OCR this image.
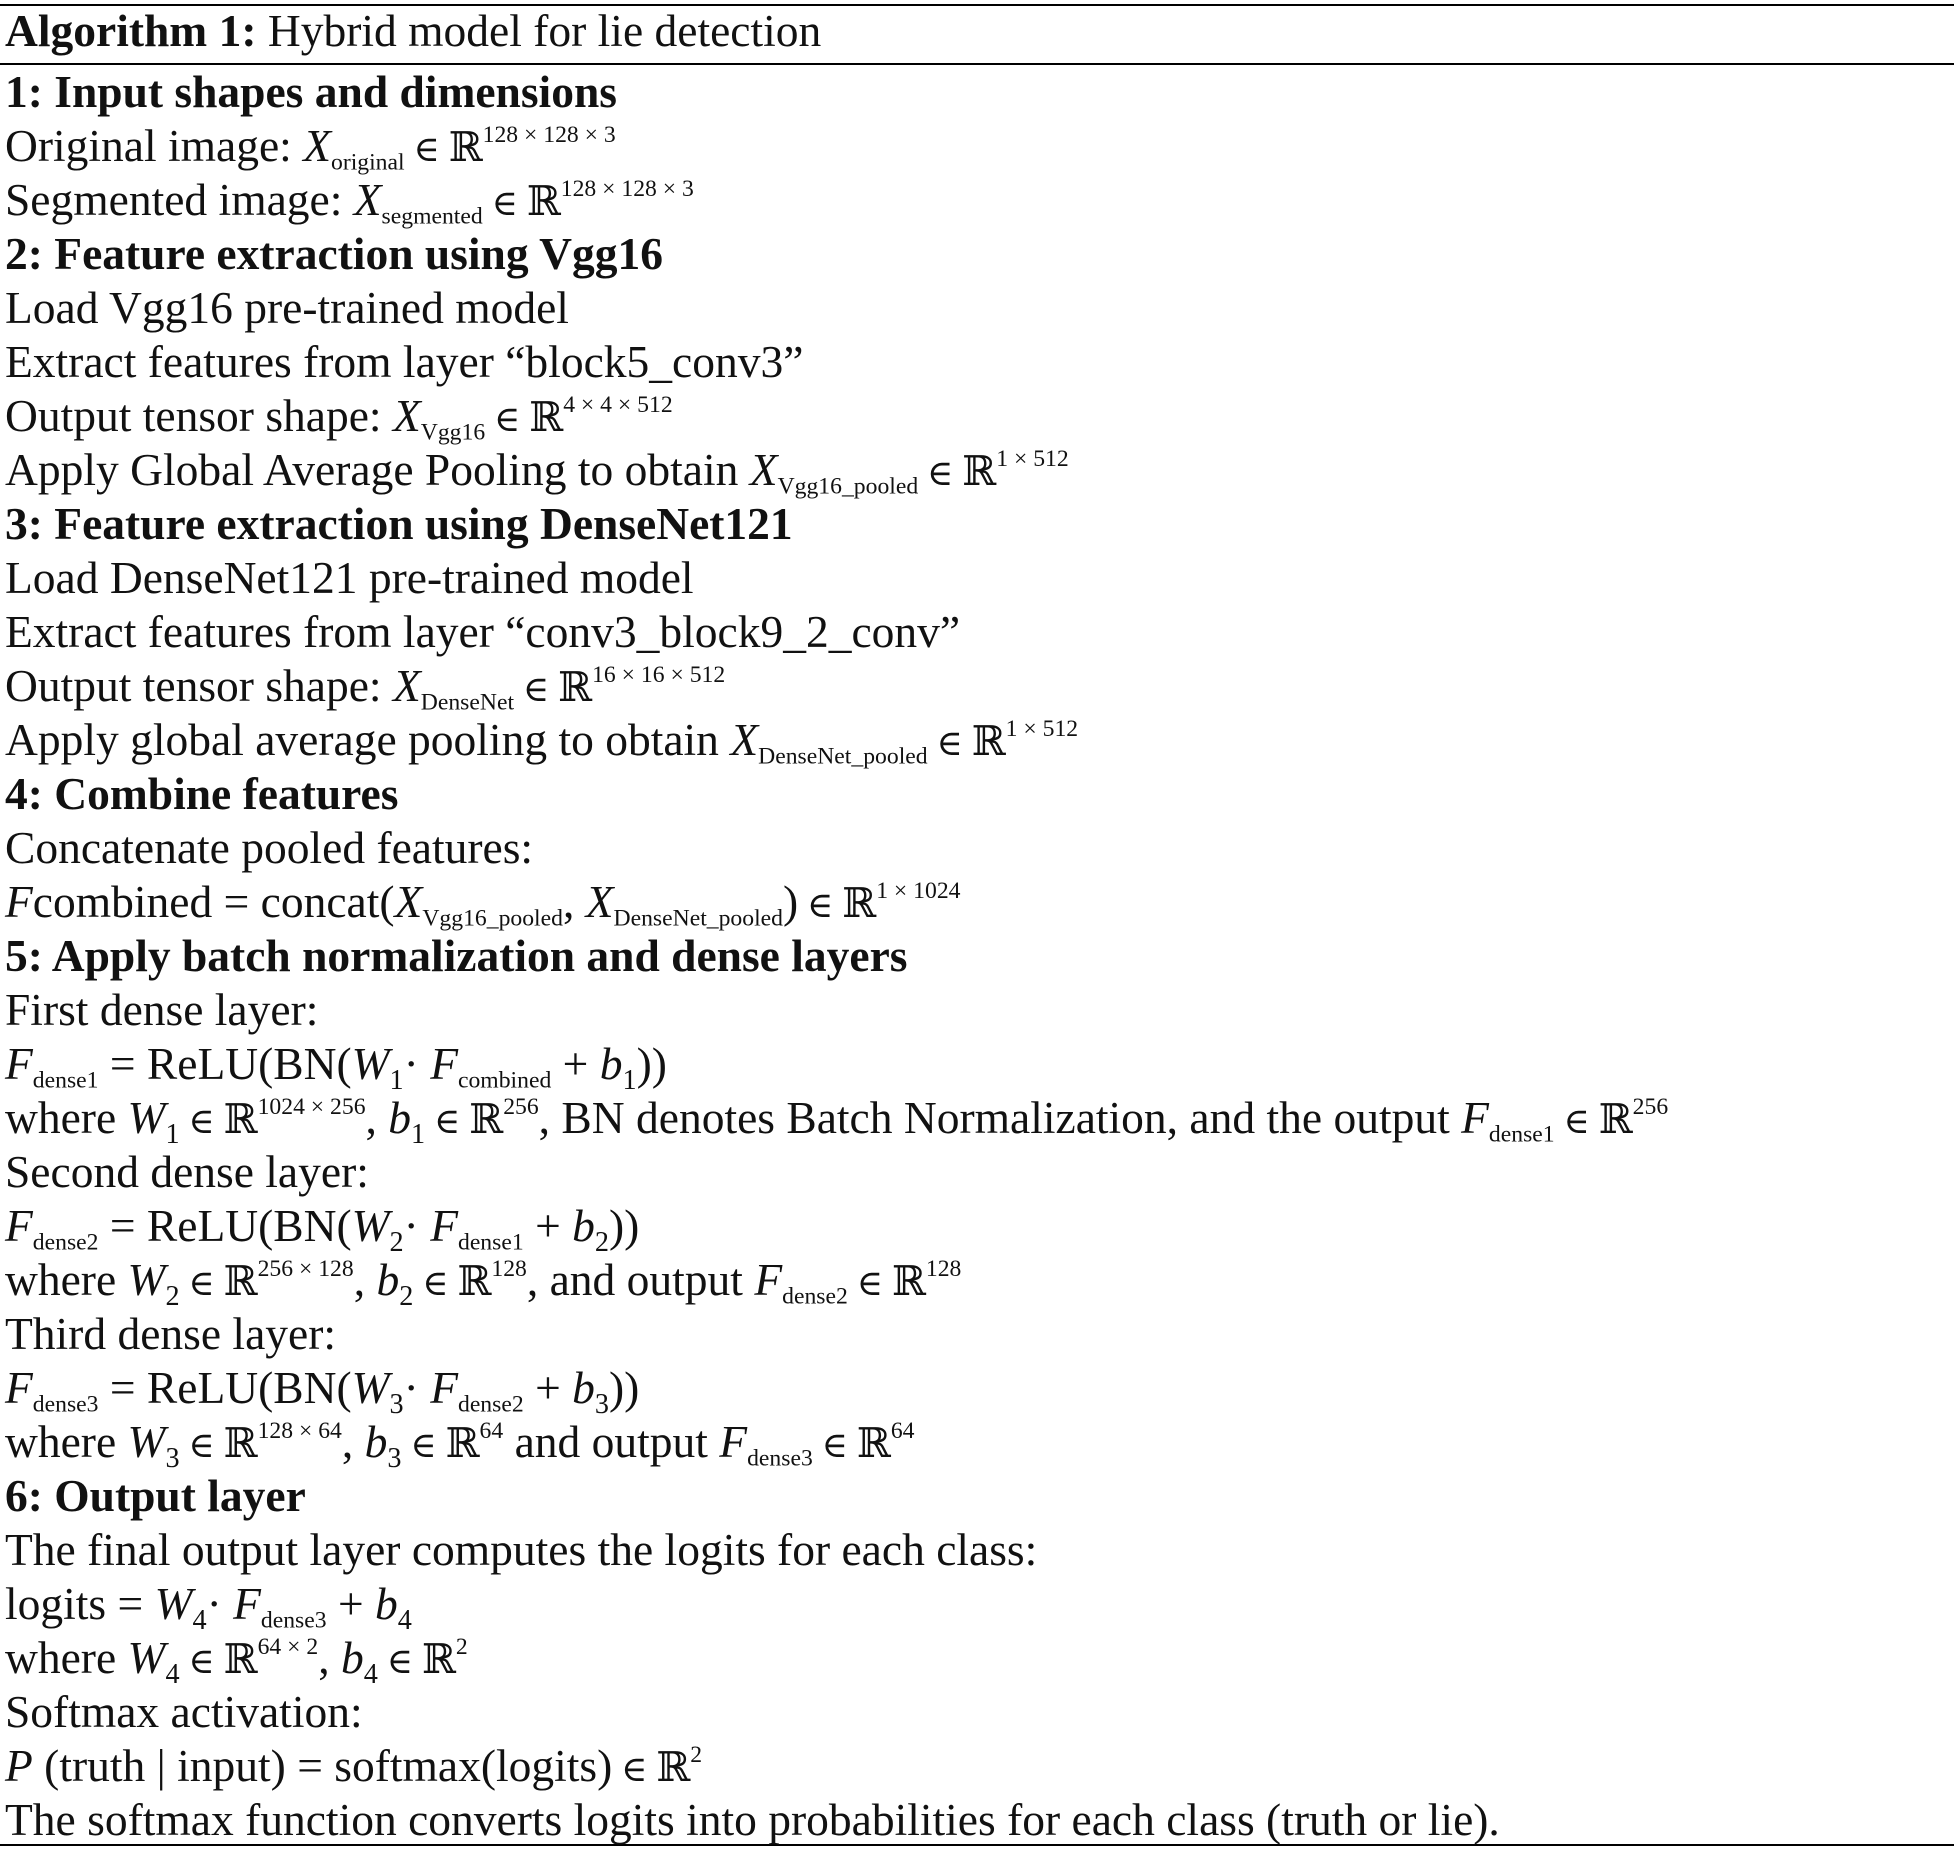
Algorithm 1: Hybrid model for lie detection
1: Input shapes and dimensions
Original image: $X_{original}$ ∈ ℝ$^{128 \times 128 \times 3}$
Segmented image: $X_{segmented}$ ∈ ℝ$^{128 \times 128 \times 3}$
2: Feature extraction using Vgg16
Load Vgg16 pre-trained model
Extract features from layer “block5_conv3”
Output tensor shape: $X_{Vgg16}$ ∈ ℝ$^{4 \times 4 \times 512}$
Apply Global Average Pooling to obtain $X_{Vgg16\_pooled}$ ∈ ℝ$^{1 \times 512}$
3: Feature extraction using DenseNet121
Load DenseNet121 pre-trained model
Extract features from layer “conv3_block9_2_conv”
Output tensor shape: $X_{DenseNet}$ ∈ ℝ$^{16 \times 16 \times 512}$
Apply global average pooling to obtain $X_{DenseNet\_pooled}$ ∈ ℝ$^{1 \times 512}$
4: Combine features
Concatenate pooled features:
Fcombined = $concat(X_{Vgg16\_pooled}$, $X_{DenseNet\_pooled}$) ∈ ℝ$^{1 \times 1024}$
5: Apply batch normalization and dense layers
First dense layer:
$F_{dense1}$ = $ReLU(BN(W_1\cdot F_{combined} + b_1))$
where $W_1$ ∈ ℝ$^{1024 \times 256}$, $b_1$ ∈ ℝ$^{256}$, BN denotes Batch Normalization, and the output $F_{dense1}$ ∈ ℝ$^{256}$
Second dense layer:
$F_{dense2}$ = $ReLU(BN(W_2\cdot F_{dense1} + b_2))$
where $W_2$ ∈ ℝ$^{256 \times 128}$, $b_2$ ∈ ℝ$^{128}$, and output $F_{dense2}$ ∈ ℝ$^{128}$
Third dense layer:
$F_{dense3}$ = $ReLU(BN(W_3\cdot F_{dense2} + b_3))$
where $W_3$ ∈ ℝ$^{128 \times 64}$, $b_3$ ∈ ℝ$^{64}$ and output $F_{dense3}$ ∈ ℝ$^{64}$
6: Output layer
The final output layer computes the logits for each class:
logits = $W_4\cdot F_{dense3} + b_4$
where $W_4$ ∈ ℝ$^{64 \times 2}$, $b_4$ ∈ ℝ$^2$
Softmax activation:
P (truth | input) = softmax(logits) ∈ ℝ$^2$
The softmax function converts logits into probabilities for each class (truth or lie).
